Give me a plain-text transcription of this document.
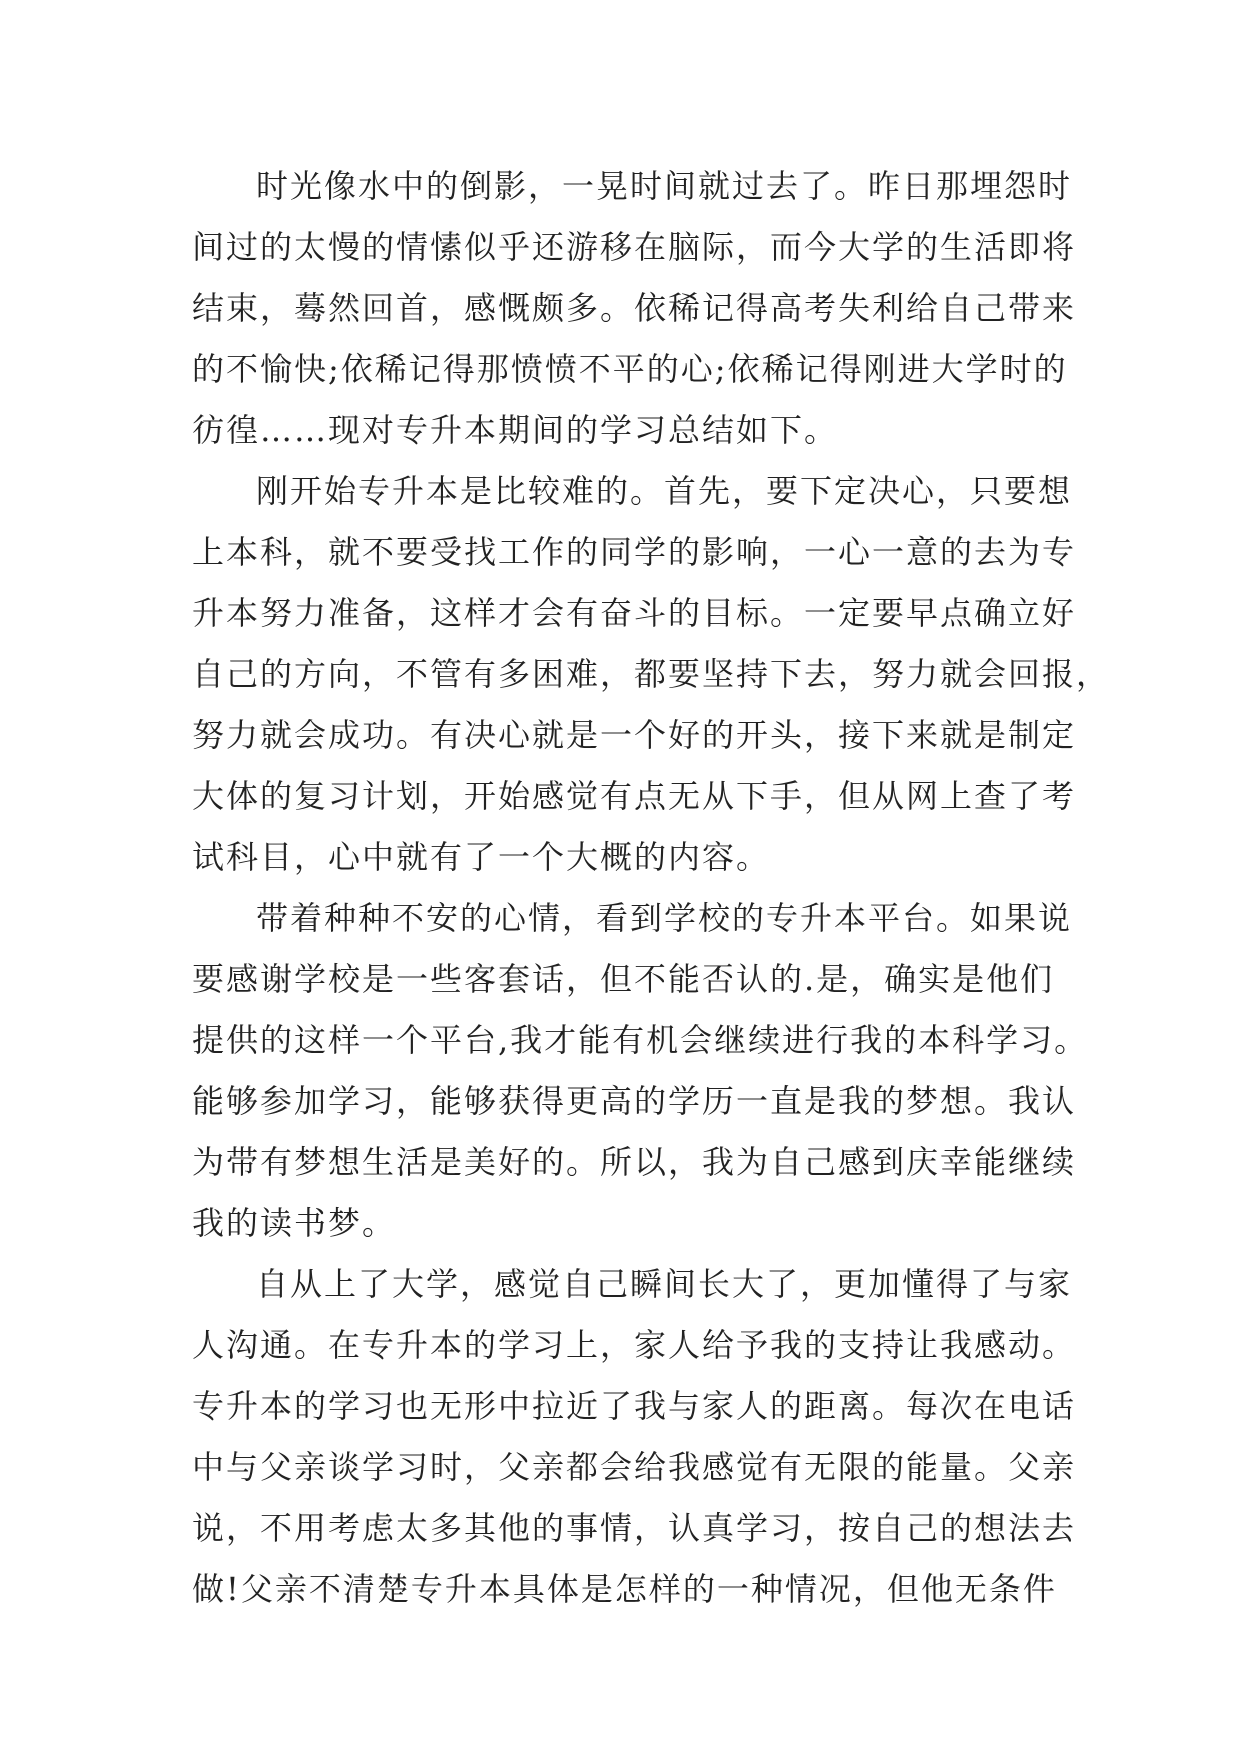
时光像水中的倒影，一晃时间就过去了。昨日那埋怨时
间过的太慢的情愫似乎还游移在脑际，而今大学的生活即将
结束，蓦然回首，感慨颇多。依稀记得高考失利给自己带来
的不愉快;依稀记得那愤愤不平的心;依稀记得刚进大学时的
彷徨……现对专升本期间的学习总结如下。
刚开始专升本是比较难的。首先，要下定决心，只要想
上本科，就不要受找工作的同学的影响，一心一意的去为专
升本努力准备，这样才会有奋斗的目标。一定要早点确立好
自己的方向，不管有多困难，都要坚持下去，努力就会回报，
努力就会成功。有决心就是一个好的开头，接下来就是制定
大体的复习计划，开始感觉有点无从下手，但从网上查了考
试科目，心中就有了一个大概的内容。
带着种种不安的心情，看到学校的专升本平台。如果说
要感谢学校是一些客套话，但不能否认的.是，确实是他们
提供的这样一个平台,我才能有机会继续进行我的本科学习。
能够参加学习，能够获得更高的学历一直是我的梦想。我认
为带有梦想生活是美好的。所以，我为自己感到庆幸能继续
我的读书梦。
自从上了大学，感觉自己瞬间长大了，更加懂得了与家
人沟通。在专升本的学习上，家人给予我的支持让我感动。
专升本的学习也无形中拉近了我与家人的距离。每次在电话
中与父亲谈学习时，父亲都会给我感觉有无限的能量。父亲
说，不用考虑太多其他的事情，认真学习，按自己的想法去
做!父亲不清楚专升本具体是怎样的一种情况，但他无条件
